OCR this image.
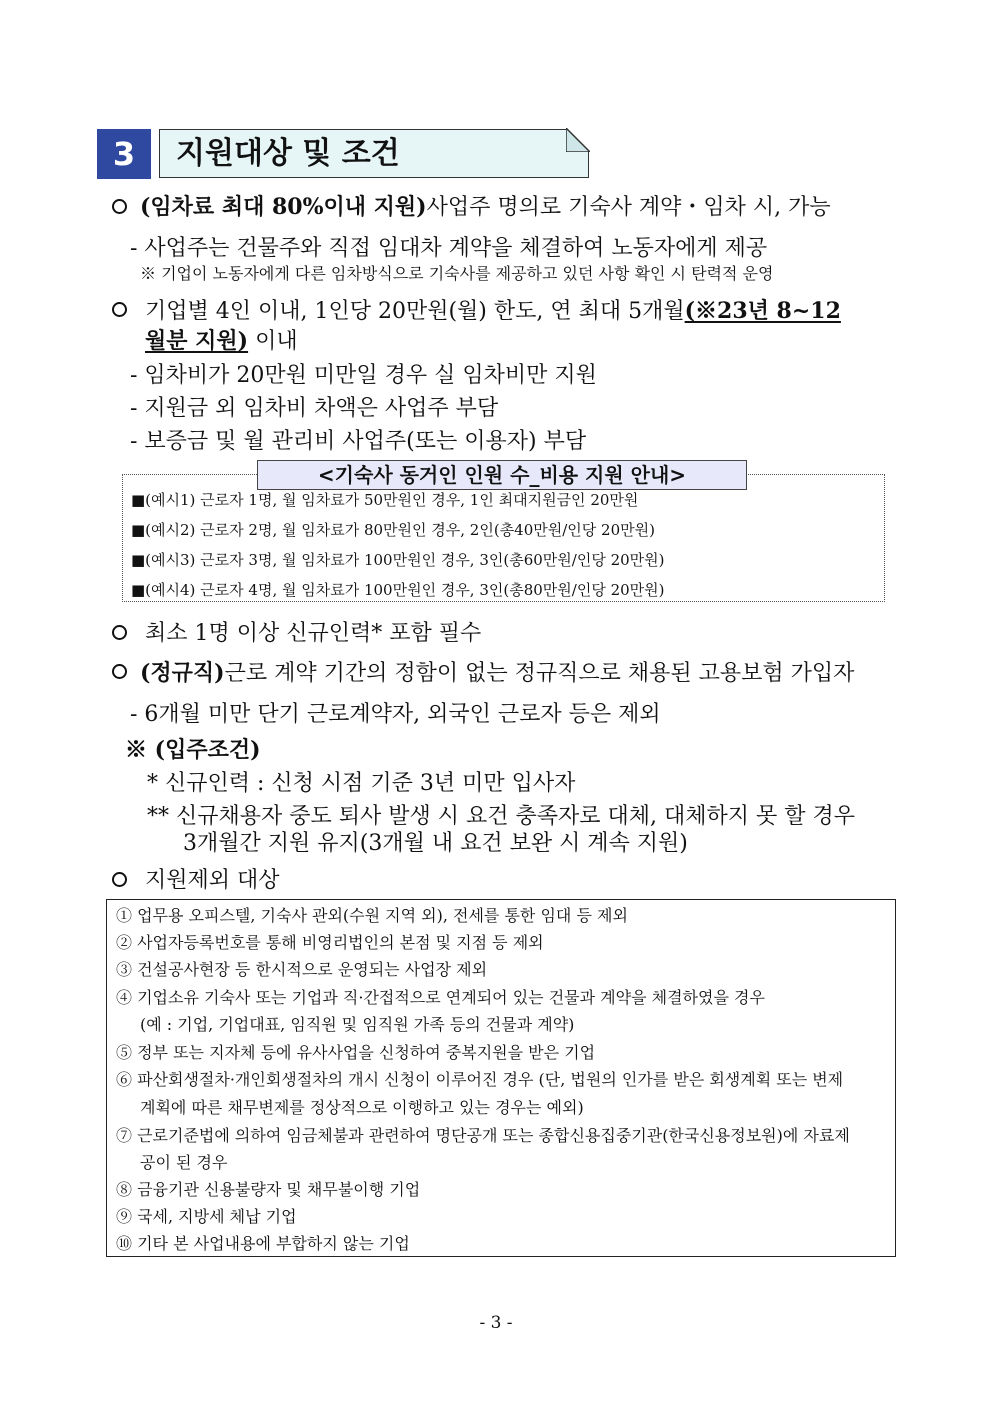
3	지원대상 및 조건
(임차료 최대 80%이내 지원)사업주 명의로 기숙사 계약・임차 시, 가능
- 사업주는 건물주와 직접 임대차 계약을 체결하여 노동자에게 제공
※ 기업이 노동자에게 다른 임차방식으로 기숙사를 제공하고 있던 사항 확인 시 탄력적 운영
기업별 4인 이내, 1인당 20만원(월) 한도, 연 최대 5개월(※23년 8~12
월분 지원) 이내
- 임차비가 20만원 미만일 경우 실 임차비만 지원
- 지원금 외 임차비 차액은 사업주 부담
- 보증금 및 월 관리비 사업주(또는 이용자) 부담
<기숙사 동거인 인원 수_비용 지원 안내>
■(예시1) 근로자 1명, 월 임차료가 50만원인 경우, 1인 최대지원금인 20만원
■(예시2) 근로자 2명, 월 임차료가 80만원인 경우, 2인(총40만원/인당 20만원)
■(예시3) 근로자 3명, 월 임차료가 100만원인 경우, 3인(총60만원/인당 20만원)
■(예시4) 근로자 4명, 월 임차료가 100만원인 경우, 3인(총80만원/인당 20만원)
최소 1명 이상 신규인력* 포함 필수
(정규직)근로 계약 기간의 정함이 없는 정규직으로 채용된 고용보험 가입자
- 6개월 미만 단기 근로계약자, 외국인 근로자 등은 제외
※ (입주조건)
* 신규인력 : 신청 시점 기준 3년 미만 입사자
** 신규채용자 중도 퇴사 발생 시 요건 충족자로 대체, 대체하지 못 할 경우
3개월간 지원 유지(3개월 내 요건 보완 시 계속 지원)
지원제외 대상
① 업무용 오피스텔, 기숙사 관외(수원 지역 외), 전세를 통한 임대 등 제외
② 사업자등록번호를 통해 비영리법인의 본점 및 지점 등 제외
③ 건설공사현장 등 한시적으로 운영되는 사업장 제외
④ 기업소유 기숙사 또는 기업과 직·간접적으로 연계되어 있는 건물과 계약을 체결하였을 경우
(예 : 기업, 기업대표, 임직원 및 임직원 가족 등의 건물과 계약)
⑤ 정부 또는 지자체 등에 유사사업을 신청하여 중복지원을 받은 기업
⑥ 파산회생절차·개인회생절차의 개시 신청이 이루어진 경우 (단, 법원의 인가를 받은 회생계획 또는 변제
계획에 따른 채무변제를 정상적으로 이행하고 있는 경우는 예외)
⑦ 근로기준법에 의하여 임금체불과 관련하여 명단공개 또는 종합신용집중기관(한국신용정보원)에 자료제
공이 된 경우
⑧ 금융기관 신용불량자 및 채무불이행 기업
⑨ 국세, 지방세 체납 기업
⑩ 기타 본 사업내용에 부합하지 않는 기업
- 3 -
